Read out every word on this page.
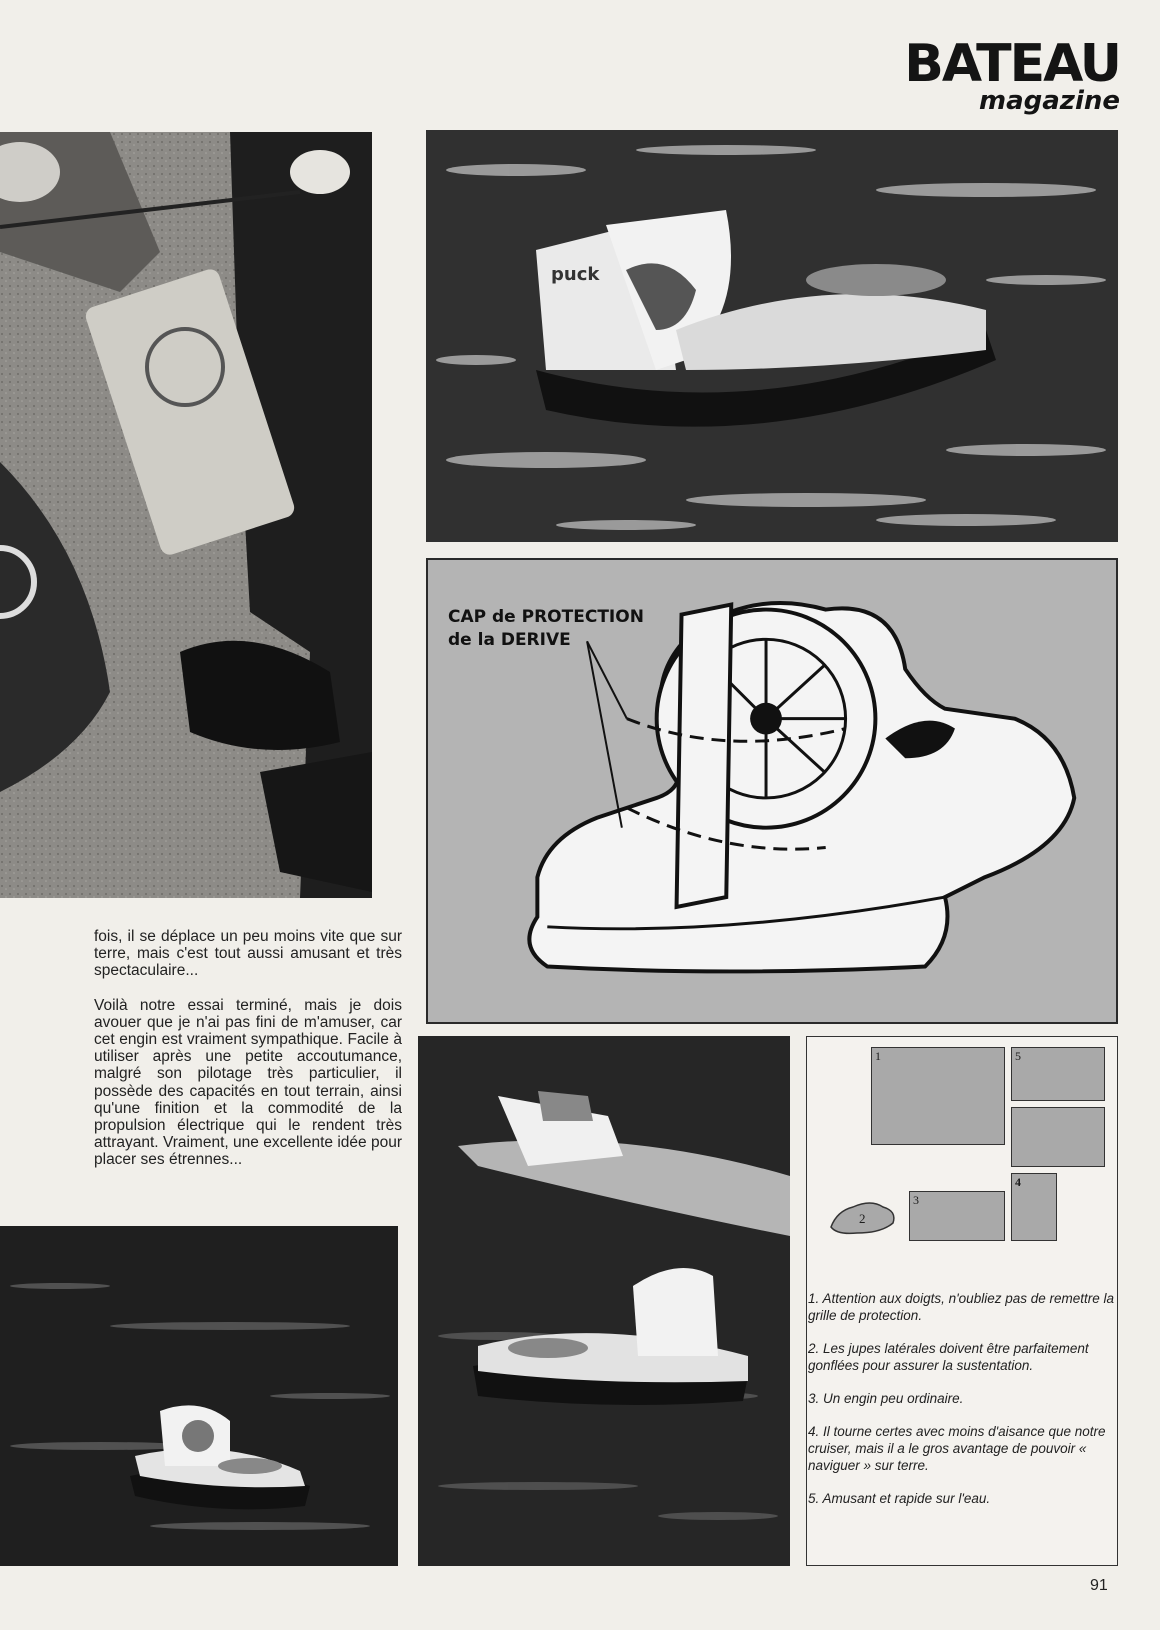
BATEAU
magazine
puck
CAP de PROTECTION
de la DERIVE

fois, il se déplace un peu moins vite que sur terre, mais c'est tout aussi amusant et très spectaculaire...

Voilà notre essai terminé, mais je dois avouer que je n'ai pas fini de m'amuser, car cet engin est vraiment sympathique. Facile à utiliser après une petite accoutumance, malgré son pilotage très particulier, il possède des capacités en tout terrain, ainsi qu'une finition et la commodité de la propulsion électrique qui le rendent très attrayant. Vraiment, une excellente idée pour placer ses étrennes...

1	5
4
3
2

1. Attention aux doigts, n'oubliez pas de remettre la grille de protection.

2. Les jupes latérales doivent être parfaitement gonflées pour assurer la sustentation.

3. Un engin peu ordinaire.

4. Il tourne certes avec moins d'aisance que notre cruiser, mais il a le gros avantage de pouvoir « naviguer » sur terre.

5. Amusant et rapide sur l'eau.

91
